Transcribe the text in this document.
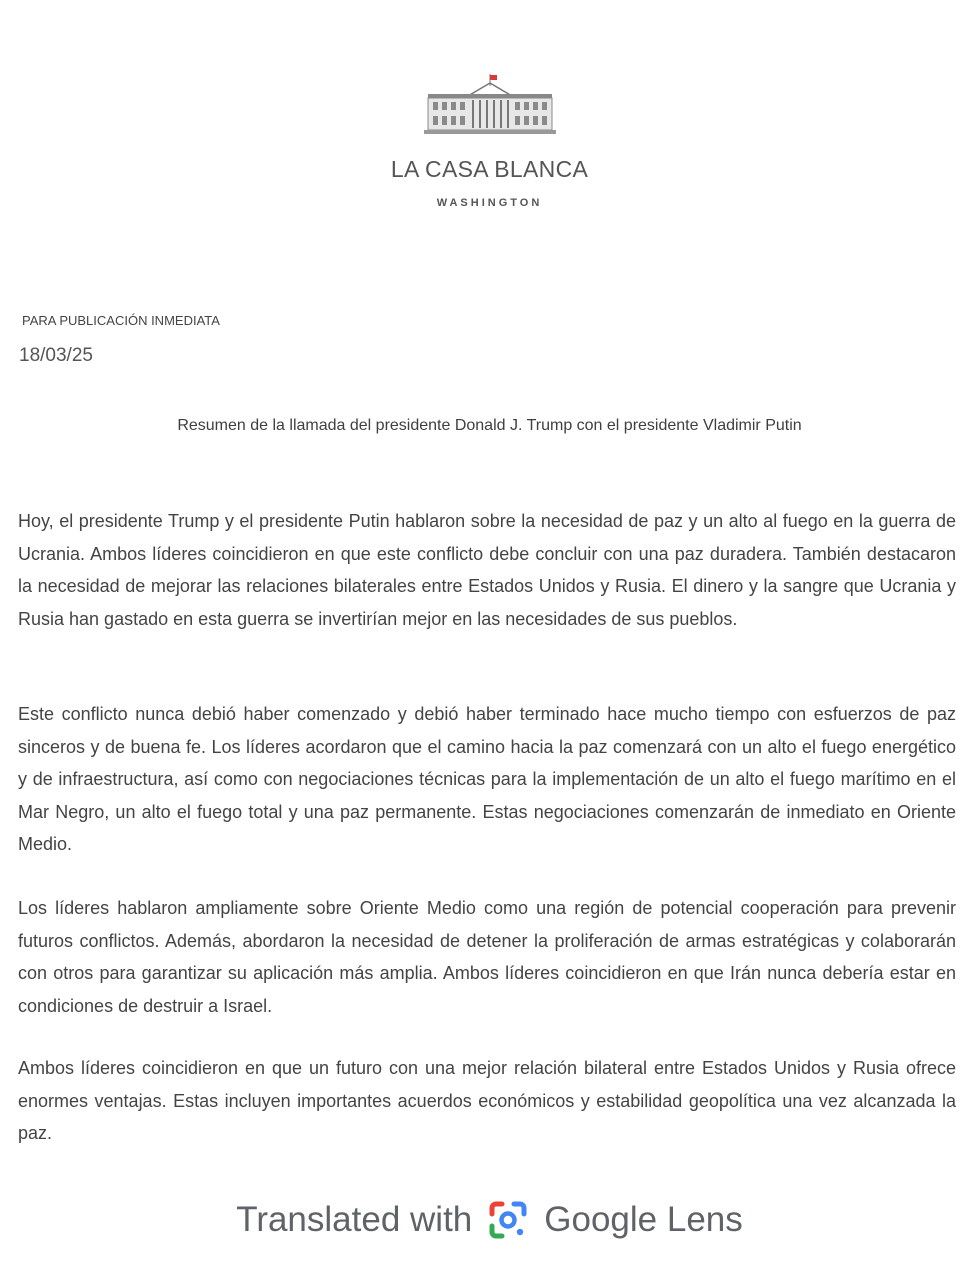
LA CASA BLANCA
WASHINGTON
PARA PUBLICACIÓN INMEDIATA
18/03/25
Resumen de la llamada del presidente Donald J. Trump con el presidente Vladimir Putin

Hoy, el presidente Trump y el presidente Putin hablaron sobre la necesidad de paz y un alto al fuego en la guerra de Ucrania. Ambos líderes coincidieron en que este conflicto debe concluir con una paz duradera. También destacaron la necesidad de mejorar las relaciones bilaterales entre Estados Unidos y Rusia. El dinero y la sangre que Ucrania y Rusia han gastado en esta guerra se invertirían mejor en las necesidades de sus pueblos.

Este conflicto nunca debió haber comenzado y debió haber terminado hace mucho tiempo con esfuerzos de paz sinceros y de buena fe. Los líderes acordaron que el camino hacia la paz comenzará con un alto el fuego energético y de infraestructura, así como con negociaciones técnicas para la implementación de un alto el fuego marítimo en el Mar Negro, un alto el fuego total y una paz permanente. Estas negociaciones comenzarán de inmediato en Oriente Medio.

Los líderes hablaron ampliamente sobre Oriente Medio como una región de potencial cooperación para prevenir futuros conflictos. Además, abordaron la necesidad de detener la proliferación de armas estratégicas y colaborarán con otros para garantizar su aplicación más amplia. Ambos líderes coincidieron en que Irán nunca debería estar en condiciones de destruir a Israel.

Ambos líderes coincidieron en que un futuro con una mejor relación bilateral entre Estados Unidos y Rusia ofrece enormes ventajas. Estas incluyen importantes acuerdos económicos y estabilidad geopolítica una vez alcanzada la paz.

Translated with Google Lens
